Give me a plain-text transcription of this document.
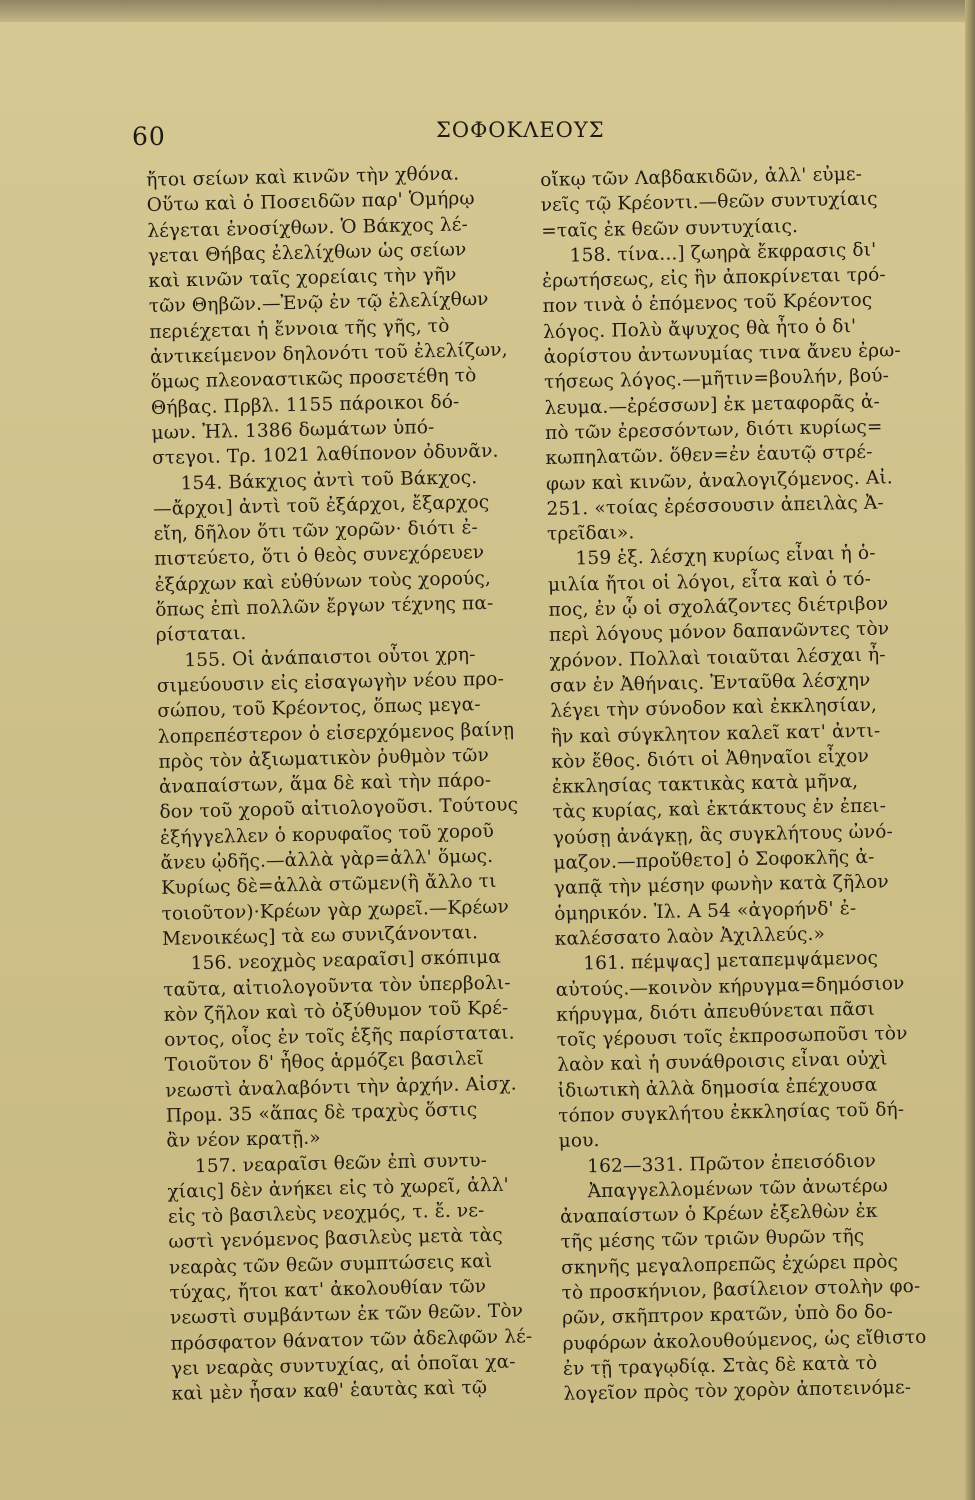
60	ΣΟΦΟΚΛΕΟΥΣ
ἤτοι σείων καὶ κινῶν τὴν χθόνα.
Οὕτω καὶ ὁ Ποσειδῶν παρ' Ὁμήρῳ
λέγεται ἐνοσίχθων. Ὁ Βάκχος λέ-
γεται Θήβας ἐλελίχθων ὡς σείων
καὶ κινῶν ταῖς χορείαις τὴν γῆν
τῶν Θηβῶν.—Ἐνῷ ἐν τῷ ἐλελίχθων
περιέχεται ἡ ἔννοια τῆς γῆς, τὸ
ἀντικείμενον δηλονότι τοῦ ἐλελίζων,
ὅμως πλεοναστικῶς προσετέθη τὸ
Θήβας. Πρβλ. 1155 πάροικοι δό-
μων. Ἠλ. 1386 δωμάτων ὑπό-
στεγοι. Τρ. 1021 λαθίπονον ὀδυνᾶν.
154. Βάκχιος ἀντὶ τοῦ Βάκχος.
—ἄρχοι] ἀντὶ τοῦ ἐξάρχοι, ἔξαρχος
εἴη, δῆλον ὅτι τῶν χορῶν· διότι ἐ-
πιστεύετο, ὅτι ὁ θεὸς συνεχόρευεν
ἐξάρχων καὶ εὐθύνων τοὺς χορούς,
ὅπως ἐπὶ πολλῶν ἔργων τέχνης πα-
ρίσταται.
155. Οἱ ἀνάπαιστοι οὗτοι χρη-
σιμεύουσιν εἰς εἰσαγωγὴν νέου προ-
σώπου, τοῦ Κρέοντος, ὅπως μεγα-
λοπρεπέστερον ὁ εἰσερχόμενος βαίνῃ
πρὸς τὸν ἀξιωματικὸν ῥυθμὸν τῶν
ἀναπαίστων, ἅμα δὲ καὶ τὴν πάρο-
δον τοῦ χοροῦ αἰτιολογοῦσι. Τούτους
ἐξήγγελλεν ὁ κορυφαῖος τοῦ χοροῦ
ἄνευ ᾠδῆς.—ἀλλὰ γὰρ=ἀλλ' ὅμως.
Κυρίως δὲ=ἀλλὰ στῶμεν(ἢ ἄλλο τι
τοιοῦτον)·Κρέων γὰρ χωρεῖ.—Κρέων
Μενοικέως] τὰ εω συνιζάνονται.
156. νεοχμὸς νεαραῖσι] σκόπιμα
ταῦτα, αἰτιολογοῦντα τὸν ὑπερβολι-
κὸν ζῆλον καὶ τὸ ὀξύθυμον τοῦ Κρέ-
οντος, οἷος ἐν τοῖς ἑξῆς παρίσταται.
Τοιοῦτον δ' ἦθος ἁρμόζει βασιλεῖ
νεωστὶ ἀναλαβόντι τὴν ἀρχήν. Αἰσχ.
Προμ. 35 «ἅπας δὲ τραχὺς ὅστις
ἂν νέον κρατῇ.»
157. νεαραῖσι θεῶν ἐπὶ συντυ-
χίαις] δὲν ἀνήκει εἰς τὸ χωρεῖ, ἀλλ'
εἰς τὸ βασιλεὺς νεοχμός, τ. ἔ. νε-
ωστὶ γενόμενος βασιλεὺς μετὰ τὰς
νεαρὰς τῶν θεῶν συμπτώσεις καὶ
τύχας, ἤτοι κατ' ἀκολουθίαν τῶν
νεωστὶ συμβάντων ἐκ τῶν θεῶν. Τὸν
πρόσφατον θάνατον τῶν ἀδελφῶν λέ-
γει νεαρὰς συντυχίας, αἱ ὁποῖαι χα-
καὶ μὲν ἦσαν καθ' ἑαυτὰς καὶ τῷ
οἴκῳ τῶν Λαβδακιδῶν, ἀλλ' εὐμε-
νεῖς τῷ Κρέοντι.—θεῶν συντυχίαις
=ταῖς ἐκ θεῶν συντυχίαις.
158. τίνα...] ζωηρὰ ἔκφρασις δι'
ἐρωτήσεως, εἰς ἣν ἀποκρίνεται τρό-
πον τινὰ ὁ ἑπόμενος τοῦ Κρέοντος
λόγος. Πολὺ ἄψυχος θὰ ἦτο ὁ δι'
ἀορίστου ἀντωνυμίας τινα ἄνευ ἐρω-
τήσεως λόγος.—μῆτιν=βουλήν, βού-
λευμα.—ἐρέσσων] ἐκ μεταφορᾶς ἀ-
πὸ τῶν ἐρεσσόντων, διότι κυρίως=
κωπηλατῶν. ὅθεν=ἐν ἑαυτῷ στρέ-
φων καὶ κινῶν, ἀναλογιζόμενος. Αἰ.
251. «τοίας ἐρέσσουσιν ἀπειλὰς Ἀ-
τρεῖδαι».
159 ἑξ. λέσχη κυρίως εἶναι ἡ ὁ-
μιλία ἤτοι οἱ λόγοι, εἶτα καὶ ὁ τό-
πος, ἐν ᾧ οἱ σχολάζοντες διέτριβον
περὶ λόγους μόνον δαπανῶντες τὸν
χρόνον. Πολλαὶ τοιαῦται λέσχαι ἦ-
σαν ἐν Ἀθήναις. Ἐνταῦθα λέσχην
λέγει τὴν σύνοδον καὶ ἐκκλησίαν,
ἣν καὶ σύγκλητον καλεῖ κατ' ἀντι-
κὸν ἔθος. διότι οἱ Ἀθηναῖοι εἶχον
ἐκκλησίας τακτικὰς κατὰ μῆνα,
τὰς κυρίας, καὶ ἐκτάκτους ἐν ἐπει-
γούσῃ ἀνάγκῃ, ἃς συγκλήτους ὠνό-
μαζον.—προὔθετο] ὁ Σοφοκλῆς ἀ-
γαπᾷ τὴν μέσην φωνὴν κατὰ ζῆλον
ὁμηρικόν. Ἰλ. Α 54 «ἀγορήνδ' ἐ-
καλέσσατο λαὸν Ἀχιλλεύς.»
161. πέμψας] μεταπεμψάμενος
αὐτούς.—κοινὸν κήρυγμα=δημόσιον
κήρυγμα, διότι ἀπευθύνεται πᾶσι
τοῖς γέρουσι τοῖς ἐκπροσωποῦσι τὸν
λαὸν καὶ ἡ συνάθροισις εἶναι οὐχὶ
ἰδιωτικὴ ἀλλὰ δημοσία ἐπέχουσα
τόπον συγκλήτου ἐκκλησίας τοῦ δή-
μου.
162—331. Πρῶτον ἐπεισόδιον
Ἀπαγγελλομένων τῶν ἀνωτέρω
ἀναπαίστων ὁ Κρέων ἐξελθὼν ἐκ
τῆς μέσης τῶν τριῶν θυρῶν τῆς
σκηνῆς μεγαλοπρεπῶς ἐχώρει πρὸς
τὸ προσκήνιον, βασίλειον στολὴν φο-
ρῶν, σκῆπτρον κρατῶν, ὑπὸ δο δο-
ρυφόρων ἀκολουθούμενος, ὡς εἴθιστο
ἐν τῇ τραγῳδίᾳ. Στὰς δὲ κατὰ τὸ
λογεῖον πρὸς τὸν χορὸν ἀποτεινόμε-
